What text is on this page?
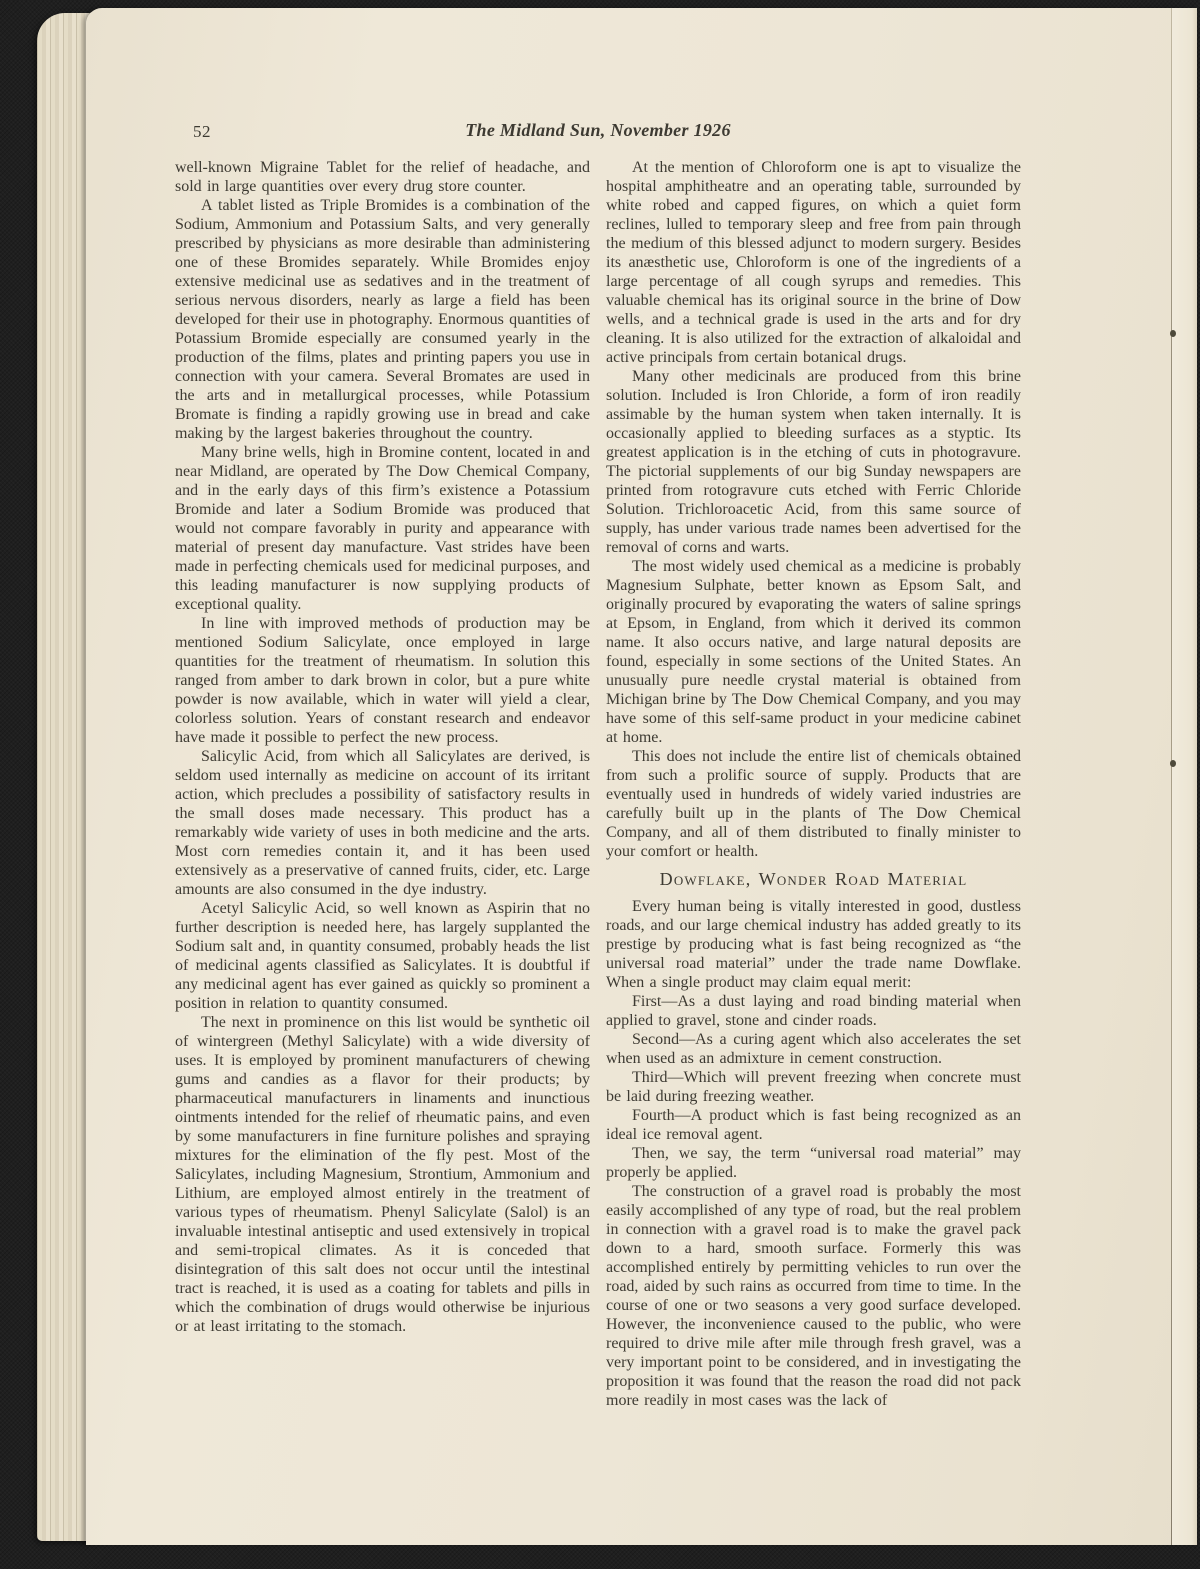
52	The Midland Sun, November 1926

well-known Migraine Tablet for the relief of headache, and sold in large quantities over every drug store counter.

A tablet listed as Triple Bromides is a combination of the Sodium, Ammonium and Potassium Salts, and very generally prescribed by physicians as more desirable than administering one of these Bromides separately. While Bromides enjoy extensive medicinal use as sedatives and in the treatment of serious nervous disorders, nearly as large a field has been developed for their use in photography. Enormous quantities of Potassium Bromide especially are consumed yearly in the production of the films, plates and printing papers you use in connection with your camera. Several Bromates are used in the arts and in metallurgical processes, while Potassium Bromate is finding a rapidly growing use in bread and cake making by the largest bakeries throughout the country.

Many brine wells, high in Bromine content, located in and near Midland, are operated by The Dow Chemical Company, and in the early days of this firm’s existence a Potassium Bromide and later a Sodium Bromide was produced that would not compare favorably in purity and appearance with material of present day manufacture. Vast strides have been made in perfecting chemicals used for medicinal purposes, and this leading manufacturer is now supplying products of exceptional quality.

In line with improved methods of production may be mentioned Sodium Salicylate, once employed in large quantities for the treatment of rheumatism. In solution this ranged from amber to dark brown in color, but a pure white powder is now available, which in water will yield a clear, colorless solution. Years of constant research and endeavor have made it possible to perfect the new process.

Salicylic Acid, from which all Salicylates are derived, is seldom used internally as medicine on account of its irritant action, which precludes a possibility of satisfactory results in the small doses made necessary. This product has a remarkably wide variety of uses in both medicine and the arts. Most corn remedies contain it, and it has been used extensively as a preservative of canned fruits, cider, etc. Large amounts are also consumed in the dye industry.

Acetyl Salicylic Acid, so well known as Aspirin that no further description is needed here, has largely supplanted the Sodium salt and, in quantity consumed, probably heads the list of medicinal agents classified as Salicylates. It is doubtful if any medicinal agent has ever gained as quickly so prominent a position in relation to quantity consumed.

The next in prominence on this list would be synthetic oil of wintergreen (Methyl Salicylate) with a wide diversity of uses. It is employed by prominent manufacturers of chewing gums and candies as a flavor for their products; by pharmaceutical manufacturers in linaments and inunctious ointments intended for the relief of rheumatic pains, and even by some manufacturers in fine furniture polishes and spraying mixtures for the elimination of the fly pest. Most of the Salicylates, including Magnesium, Strontium, Ammonium and Lithium, are employed almost entirely in the treatment of various types of rheumatism. Phenyl Salicylate (Salol) is an invaluable intestinal antiseptic and used extensively in tropical and semi-tropical climates. As it is conceded that disintegration of this salt does not occur until the intestinal tract is reached, it is used as a coating for tablets and pills in which the combination of drugs would otherwise be injurious or at least irritating to the stomach.

At the mention of Chloroform one is apt to visualize the hospital amphitheatre and an operating table, surrounded by white robed and capped figures, on which a quiet form reclines, lulled to temporary sleep and free from pain through the medium of this blessed adjunct to modern surgery. Besides its anæsthetic use, Chloroform is one of the ingredients of a large percentage of all cough syrups and remedies. This valuable chemical has its original source in the brine of Dow wells, and a technical grade is used in the arts and for dry cleaning. It is also utilized for the extraction of alkaloidal and active principals from certain botanical drugs.

Many other medicinals are produced from this brine solution. Included is Iron Chloride, a form of iron readily assimable by the human system when taken internally. It is occasionally applied to bleeding surfaces as a styptic. Its greatest application is in the etching of cuts in photogravure. The pictorial supplements of our big Sunday newspapers are printed from rotogravure cuts etched with Ferric Chloride Solution. Trichloroacetic Acid, from this same source of supply, has under various trade names been advertised for the removal of corns and warts.

The most widely used chemical as a medicine is probably Magnesium Sulphate, better known as Epsom Salt, and originally procured by evaporating the waters of saline springs at Epsom, in England, from which it derived its common name. It also occurs native, and large natural deposits are found, especially in some sections of the United States. An unusually pure needle crystal material is obtained from Michigan brine by The Dow Chemical Company, and you may have some of this self-same product in your medicine cabinet at home.

This does not include the entire list of chemicals obtained from such a prolific source of supply. Products that are eventually used in hundreds of widely varied industries are carefully built up in the plants of The Dow Chemical Company, and all of them distributed to finally minister to your comfort or health.

Dowflake, Wonder Road Material

Every human being is vitally interested in good, dustless roads, and our large chemical industry has added greatly to its prestige by producing what is fast being recognized as “the universal road material” under the trade name Dowflake. When a single product may claim equal merit:

First—As a dust laying and road binding material when applied to gravel, stone and cinder roads.

Second—As a curing agent which also accelerates the set when used as an admixture in cement construction.

Third—Which will prevent freezing when concrete must be laid during freezing weather.

Fourth—A product which is fast being recognized as an ideal ice removal agent.

Then, we say, the term “universal road material” may properly be applied.

The construction of a gravel road is probably the most easily accomplished of any type of road, but the real problem in connection with a gravel road is to make the gravel pack down to a hard, smooth surface. Formerly this was accomplished entirely by permitting vehicles to run over the road, aided by such rains as occurred from time to time. In the course of one or two seasons a very good surface developed. However, the inconvenience caused to the public, who were required to drive mile after mile through fresh gravel, was a very important point to be considered, and in investigating the proposition it was found that the reason the road did not pack more readily in most cases was the lack of
